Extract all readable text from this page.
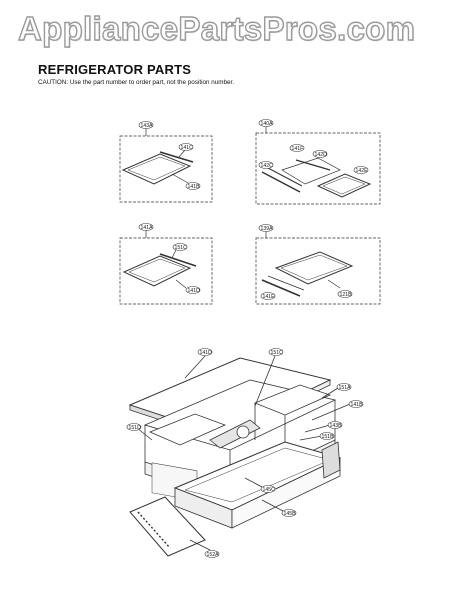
AppliancePartsPros.com
REFRIGERATOR PARTS
CAUTION: Use the part number to order part, not the position number.
143A
141C
141B
140A
141F
142D
142C
142E
141A
151C
141D
139A
141E	121B
141D	151C
151A
141B
143B
151B
151D
145C
145B
152A
